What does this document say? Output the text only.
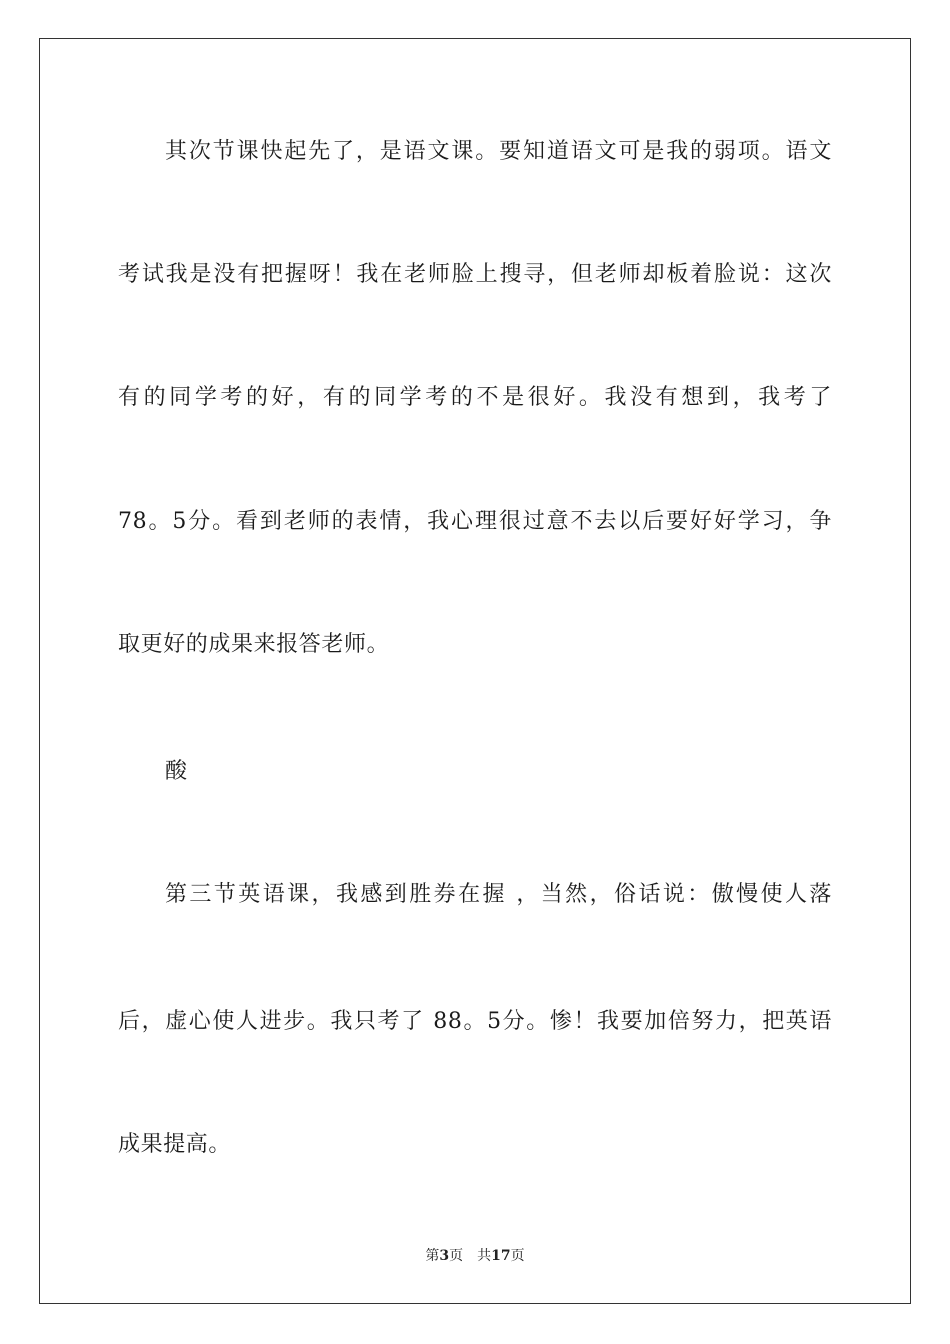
其次节课快起先了，是语文课。要知道语文可是我的弱项。语文
考试我是没有把握呀！我在老师脸上搜寻，但老师却板着脸说：这次
有的同学考的好，有的同学考的不是很好。我没有想到，我考了
78。5分。看到老师的表情，我心理很过意不去以后要好好学习，争
取更好的成果来报答老师。
酸
第三节英语课，我感到胜券在握 ，当然，俗话说：傲慢使人落
后，虚心使人进步。我只考了 88。5分。惨！我要加倍努力，把英语
成果提高。
第3页 共17页
